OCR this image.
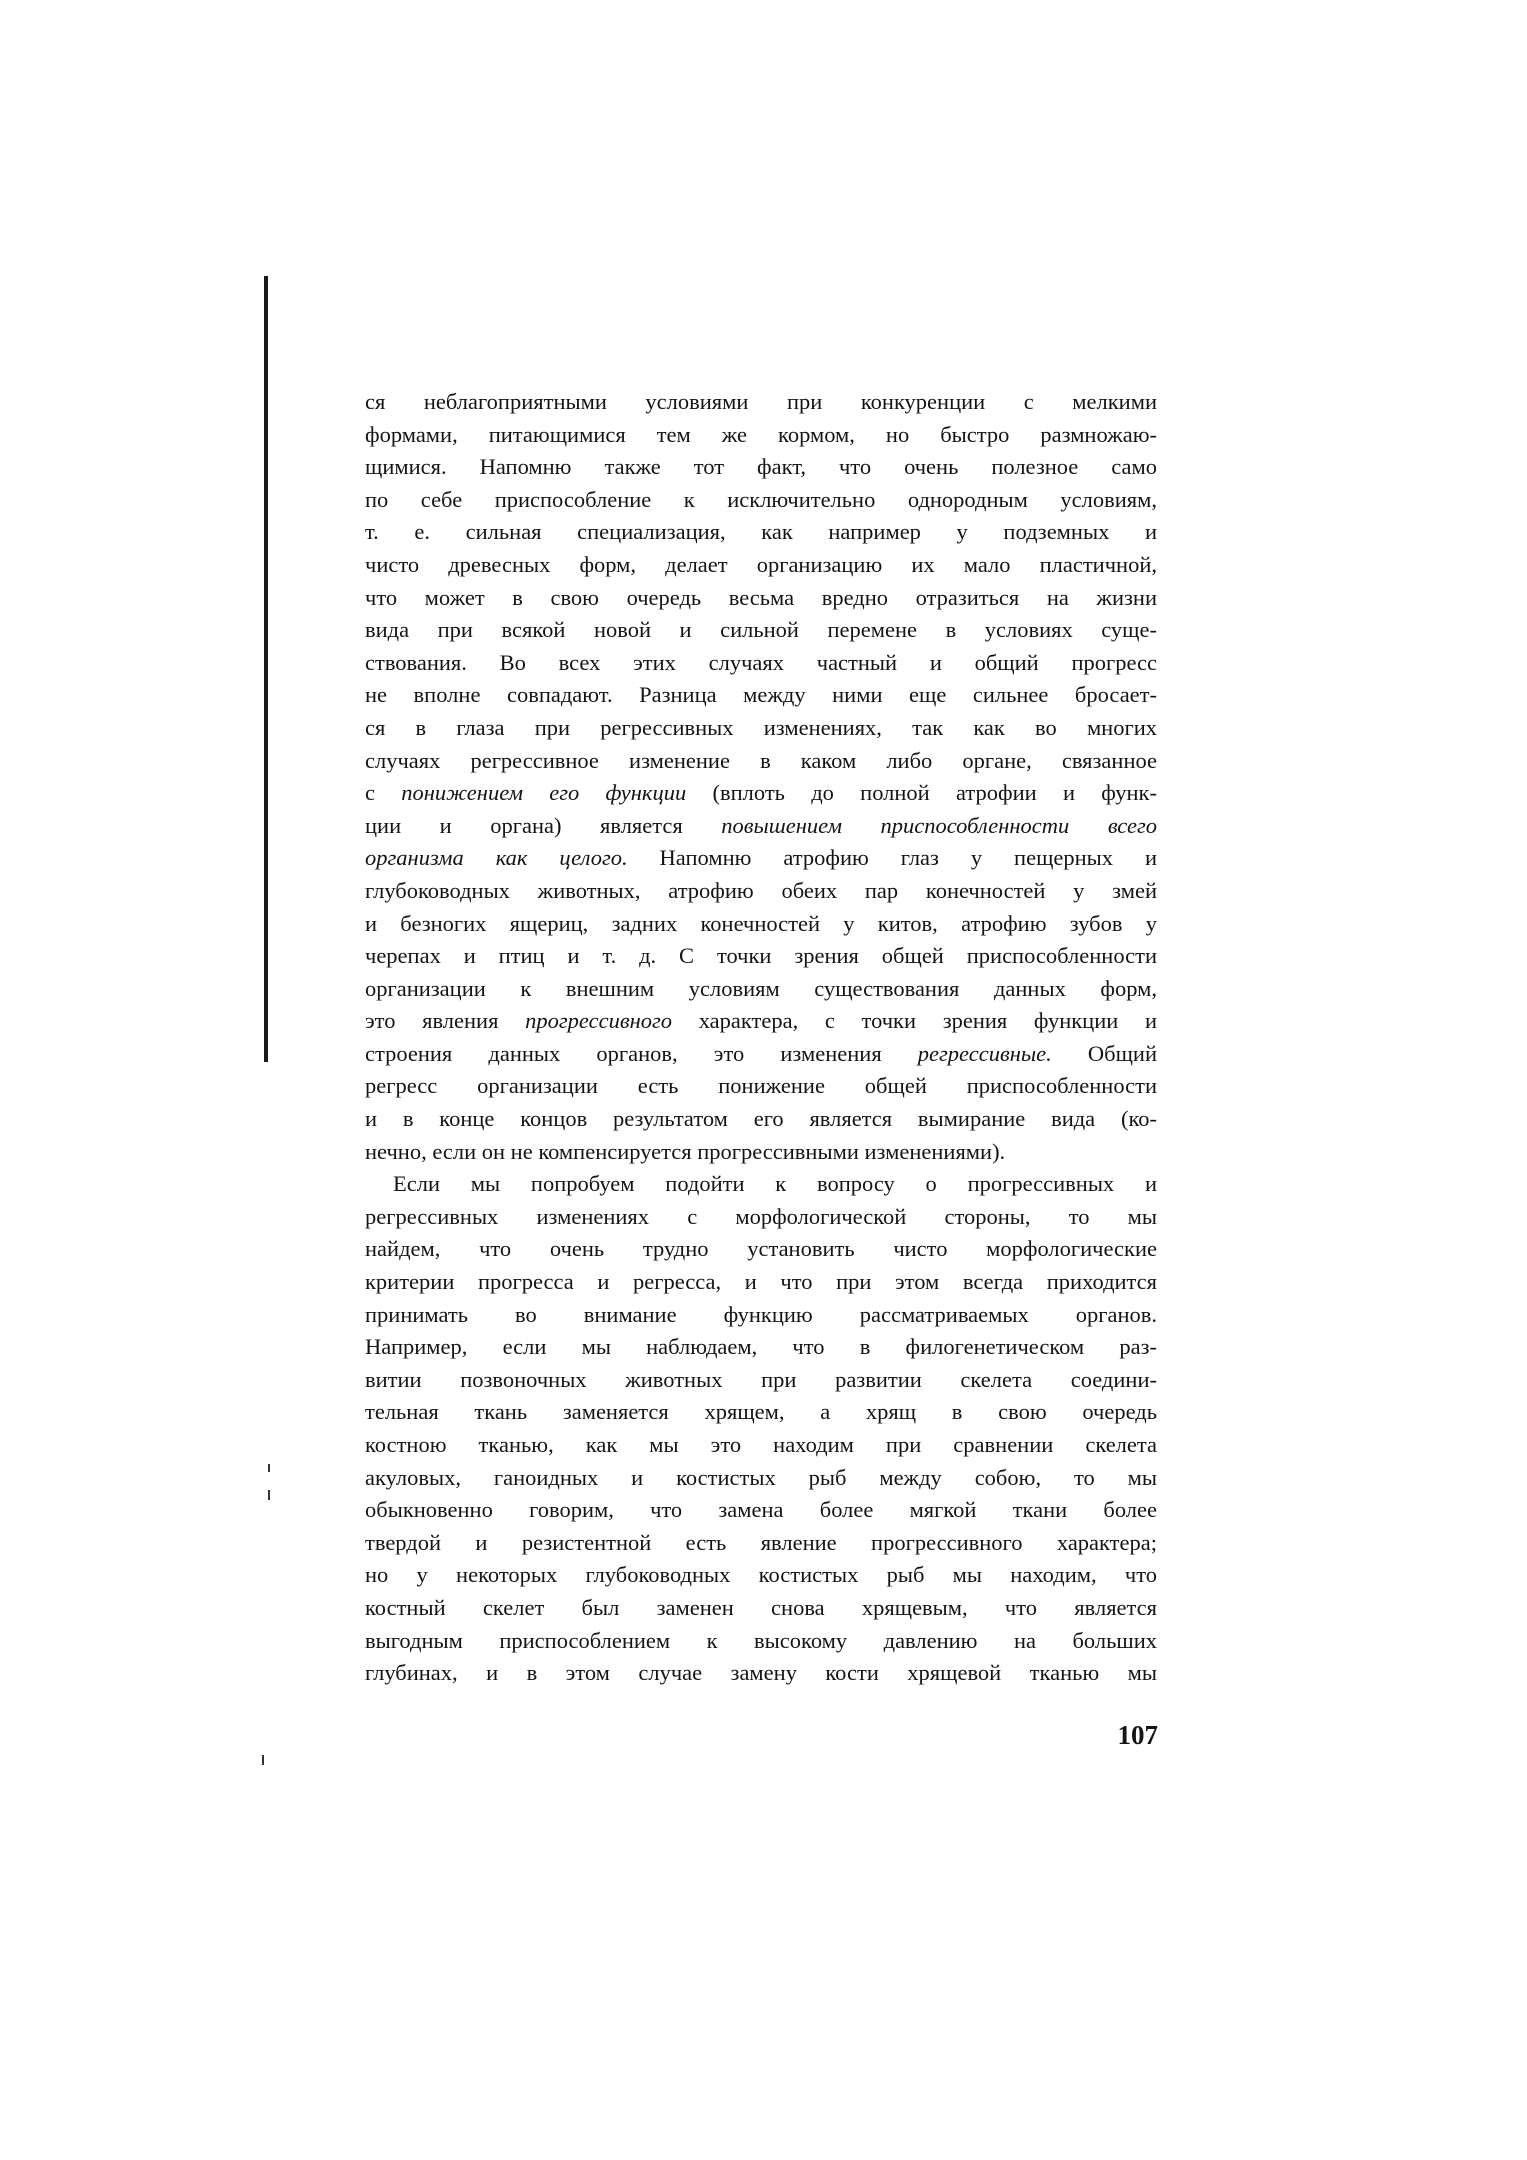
ся неблагоприятными условиями при конкуренции с мелкими
формами, питающимися тем же кормом, но быстро размножаю-
щимися. Напомню также тот факт, что очень полезное само
по себе приспособление к исключительно однородным условиям,
т. е. сильная специализация, как например у подземных и
чисто древесных форм, делает организацию их мало пластичной,
что может в свою очередь весьма вредно отразиться на жизни
вида при всякой новой и сильной перемене в условиях суще-
ствования. Во всех этих случаях частный и общий прогресс
не вполне совпадают. Разница между ними еще сильнее бросает-
ся в глаза при регрессивных изменениях, так как во многих
случаях регрессивное изменение в каком либо органе, связанное
с понижением его функции (вплоть до полной атрофии и функ-
ции и органа) является повышением приспособленности всего
организма как целого. Напомню атрофию глаз у пещерных и
глубоководных животных, атрофию обеих пар конечностей у змей
и безногих ящериц, задних конечностей у китов, атрофию зубов у
черепах и птиц и т. д. С точки зрения общей приспособленности
организации к внешним условиям существования данных форм,
это явления прогрессивного характера, с точки зрения функции и
строения данных органов, это изменения регрессивные. Общий
регресс организации есть понижение общей приспособленности
и в конце концов результатом его является вымирание вида (ко-
нечно, если он не компенсируется прогрессивными изменениями).
Если мы попробуем подойти к вопросу о прогрессивных и
регрессивных изменениях с морфологической стороны, то мы
найдем, что очень трудно установить чисто морфологические
критерии прогресса и регресса, и что при этом всегда приходится
принимать во внимание функцию рассматриваемых органов.
Например, если мы наблюдаем, что в филогенетическом раз-
витии позвоночных животных при развитии скелета соедини-
тельная ткань заменяется хрящем, а хрящ в свою очередь
костною тканью, как мы это находим при сравнении скелета
акуловых, ганоидных и костистых рыб между собою, то мы
обыкновенно говорим, что замена более мягкой ткани более
твердой и резистентной есть явление прогрессивного характера;
но у некоторых глубоководных костистых рыб мы находим, что
костный скелет был заменен снова хрящевым, что является
выгодным приспособлением к высокому давлению на больших
глубинах, и в этом случае замену кости хрящевой тканью мы
107
